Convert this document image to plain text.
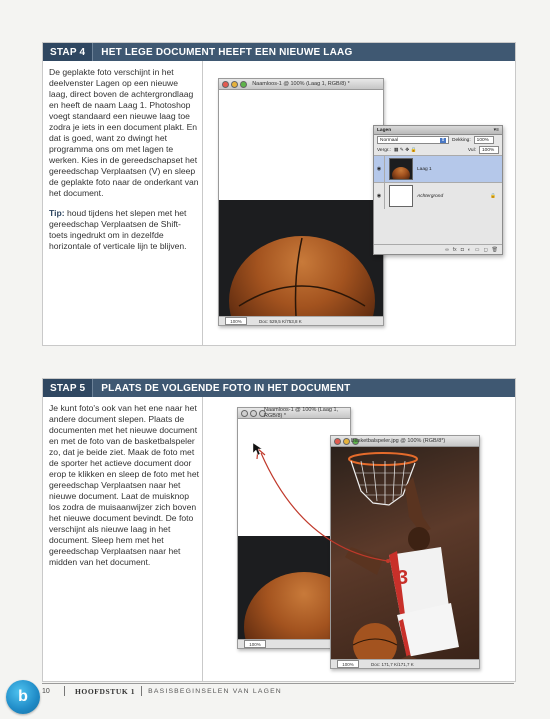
STAP 4	HET LEGE DOCUMENT HEEFT EEN NIEUWE LAAG

De geplakte foto verschijnt in het deelvenster Lagen op een nieuwe laag, direct boven de achtergrondlaag en heeft de naam Laag 1. Photoshop voegt standaard een nieuwe laag toe zodra je iets in een document plakt. En dat is goed, want zo dwingt het programma ons om met lagen te werken. Kies in de gereedschapset het gereedschap Verplaatsen (V) en sleep de geplakte foto naar de onderkant van het document.

Tip: houd tijdens het slepen met het gereedschap Verplaatsen de Shift-toets ingedrukt om in dezelfde horizontale of verticale lijn te blijven.

Naamloos-1 @ 100% (Laag 1, RGB/8) *
100%	Doc: 529,5 K/753,8 K
Lagen	▾≡
Normaal	⇕ Dekking:	100%
Vergr.: ▦ ✎ ✥ 🔒	Vul:	100%
◉	Laag 1
◉	Achtergrond	🔒
∞ fx ◘ ◐ ▭ ◻ 🗑
STAP 5	PLAATS DE VOLGENDE FOTO IN HET DOCUMENT

Je kunt foto's ook van het ene naar het andere document slepen. Plaats de documenten met het nieuwe document en met de foto van de basketbalspeler zo, dat je beide ziet. Maak de foto met de sporter het actieve document door erop te klikken en sleep de foto met het gereedschap Verplaatsen naar het nieuwe document. Laat de muisknop los zodra de muisaanwijzer zich boven het nieuwe document bevindt. De foto verschijnt als nieuwe laag in het document. Sleep hem met het gereedschap Verplaatsen naar het midden van het document.

Naamloos-1 @ 100% (Laag 1, RGB/8) *
100%
Basketbalspeler.jpg @ 100% (RGB/8*)
3
100%	Doc: 171,7 K/171,7 K
10	HOOFDSTUK 1 BASISBEGINSELEN VAN LAGEN
b
